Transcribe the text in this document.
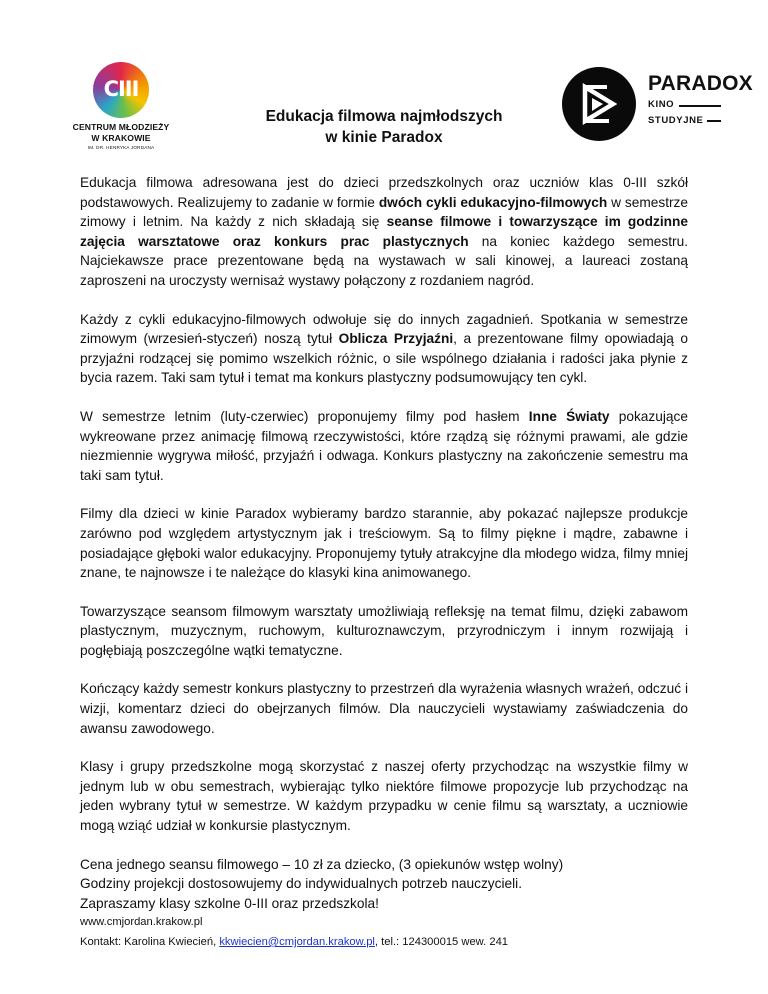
CIII
CENTRUM MŁODZIEŻY
W KRAKOWIE
IM. DR. HENRYKA JORDANA
Edukacja filmowa najmłodszych
w kinie Paradox
PARADOX
KINO
STUDYJNE

Edukacja filmowa adresowana jest do dzieci przedszkolnych oraz uczniów klas 0-III szkół podstawowych. Realizujemy to zadanie w formie dwóch cykli edukacyjno-filmowych w semestrze zimowy i letnim. Na każdy z nich składają się seanse filmowe i towarzyszące im godzinne zajęcia warsztatowe oraz konkurs prac plastycznych na koniec każdego semestru. Najciekawsze prace prezentowane będą na wystawach w sali kinowej, a laureaci zostaną zaproszeni na uroczysty wernisaż wystawy połączony z rozdaniem nagród.

Każdy z cykli edukacyjno-filmowych odwołuje się do innych zagadnień. Spotkania w semestrze zimowym (wrzesień-styczeń) noszą tytuł Oblicza Przyjaźni, a prezentowane filmy opowiadają o przyjaźni rodzącej się pomimo wszelkich różnic, o sile wspólnego działania i radości jaka płynie z bycia razem. Taki sam tytuł i temat ma konkurs plastyczny podsumowujący ten cykl.

W semestrze letnim (luty-czerwiec) proponujemy filmy pod hasłem Inne Światy pokazujące wykreowane przez animację filmową rzeczywistości, które rządzą się różnymi prawami, ale gdzie niezmiennie wygrywa miłość, przyjaźń i odwaga. Konkurs plastyczny na zakończenie semestru ma taki sam tytuł.

Filmy dla dzieci w kinie Paradox wybieramy bardzo starannie, aby pokazać najlepsze produkcje zarówno pod względem artystycznym jak i treściowym. Są to filmy piękne i mądre, zabawne i posiadające głęboki walor edukacyjny. Proponujemy tytuły atrakcyjne dla młodego widza, filmy mniej znane, te najnowsze i te należące do klasyki kina animowanego.

Towarzyszące seansom filmowym warsztaty umożliwiają refleksję na temat filmu, dzięki zabawom plastycznym, muzycznym, ruchowym, kulturoznawczym, przyrodniczym i innym rozwijają i pogłębiają poszczególne wątki tematyczne.

Kończący każdy semestr konkurs plastyczny to przestrzeń dla wyrażenia własnych wrażeń, odczuć i wizji, komentarz dzieci do obejrzanych filmów. Dla nauczycieli wystawiamy zaświadczenia do awansu zawodowego.

Klasy i grupy przedszkolne mogą skorzystać z naszej oferty przychodząc na wszystkie filmy w jednym lub w obu semestrach, wybierając tylko niektóre filmowe propozycje lub przychodząc na jeden wybrany tytuł w semestrze. W każdym przypadku w cenie filmu są warsztaty, a uczniowie mogą wziąć udział w konkursie plastycznym.

Cena jednego seansu filmowego – 10 zł za dziecko, (3 opiekunów wstęp wolny)
Godziny projekcji dostosowujemy do indywidualnych potrzeb nauczycieli.
Zapraszamy klasy szkolne 0-III oraz przedszkola!
www.cmjordan.krakow.pl
Kontakt: Karolina Kwiecień, kkwiecien@cmjordan.krakow.pl, tel.: 124300015 wew. 241
